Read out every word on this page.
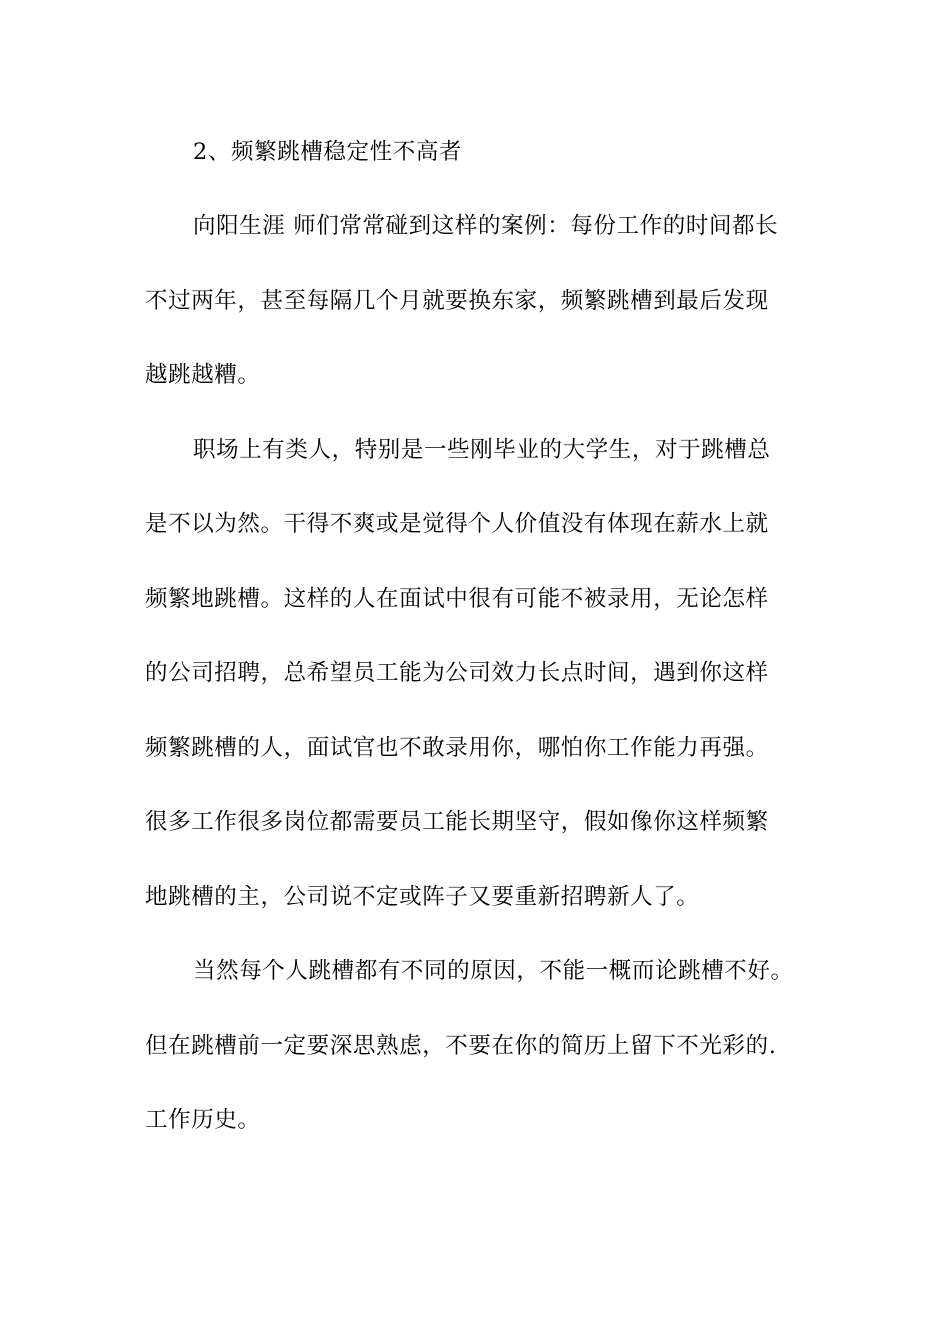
2、频繁跳槽稳定性不高者
向阳生涯 师们常常碰到这样的案例：每份工作的时间都长
不过两年，甚至每隔几个月就要换东家，频繁跳槽到最后发现
越跳越糟。
职场上有类人，特别是一些刚毕业的大学生，对于跳槽总
是不以为然。干得不爽或是觉得个人价值没有体现在薪水上就
频繁地跳槽。这样的人在面试中很有可能不被录用，无论怎样
的公司招聘，总希望员工能为公司效力长点时间，遇到你这样
频繁跳槽的人，面试官也不敢录用你，哪怕你工作能力再强。
很多工作很多岗位都需要员工能长期坚守，假如像你这样频繁
地跳槽的主，公司说不定或阵子又要重新招聘新人了。
当然每个人跳槽都有不同的原因，不能一概而论跳槽不好。
但在跳槽前一定要深思熟虑，不要在你的简历上留下不光彩的.
工作历史。
